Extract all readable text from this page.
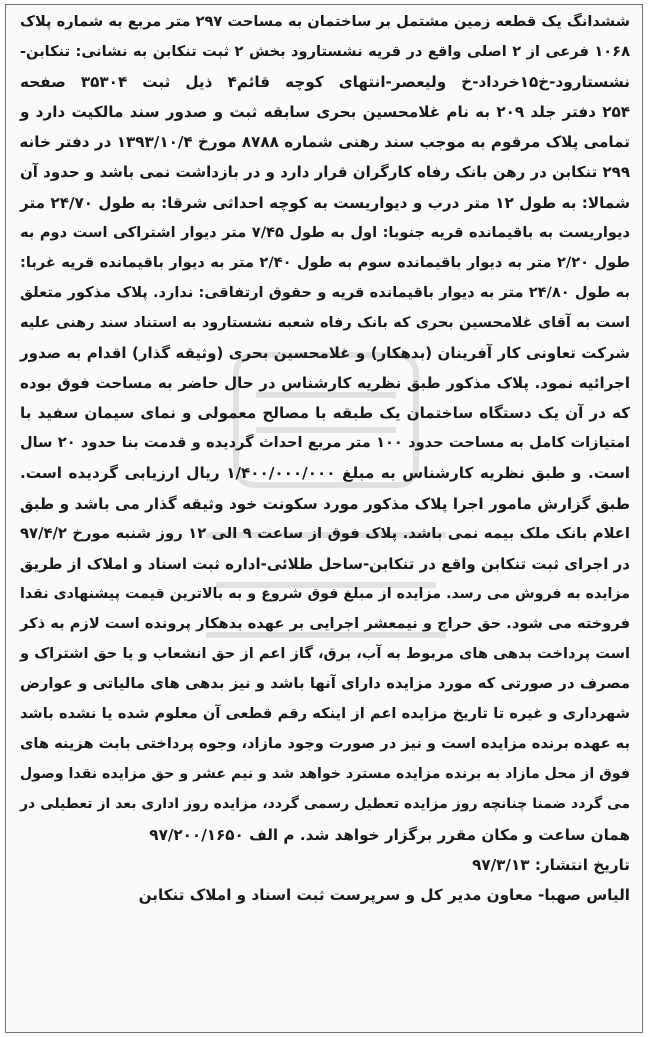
ششدانگ یک قطعه زمین مشتمل بر ساختمان به مساحت ۲۹۷ متر مربع به شماره پلاک
۱۰۶۸ فرعی از ۲ اصلی واقع در قریه نشستارود بخش ۲ ثبت تنکابن به نشانی: تنکابن-
نشستارود-خ۱۵خرداد-خ ولیعصر-انتهای کوچه قائم۴ ذیل ثبت ۳۵۳۰۴ صفحه
۲۵۴ دفتر جلد ۲۰۹ به نام غلامحسین بحری سابقه ثبت و صدور سند مالکیت دارد و
تمامی پلاک مرقوم به موجب سند رهنی شماره ۸۷۸۸ مورخ ۱۳۹۳/۱۰/۴ در دفتر خانه
۲۹۹ تنکابن در رهن بانک رفاه کارگران قرار دارد و در بازداشت نمی باشد و حدود آن
شمالا: به طول ۱۲ متر درب و دیواریست به کوچه احداثی شرقا: به طول ۲۴/۷۰ متر
دیواریست به باقیمانده قریه جنوبا: اول به طول ۷/۴۵ متر دیوار اشتراکی است دوم به
طول ۲/۲۰ متر به دیوار باقیمانده سوم به طول ۲/۴۰ متر به دیوار باقیمانده قریه غربا:
به طول ۲۴/۸۰ متر به دیوار باقیمانده قریه و حقوق ارتفاقی: ندارد. پلاک مذکور متعلق
است به آقای غلامحسین بحری که بانک رفاه شعبه نشستارود به استناد سند رهنی علیه
شرکت تعاونی کار آفرینان (بدهکار) و غلامحسین بحری (وثیقه گذار) اقدام به صدور
اجرائیه نمود. پلاک مذکور طبق نظریه کارشناس در حال حاضر به مساحت فوق بوده
که در آن یک دستگاه ساختمان یک طبقه با مصالح معمولی و نمای سیمان سفید با
امتیازات کامل به مساحت حدود ۱۰۰ متر مربع احداث گردیده و قدمت بنا حدود ۲۰ سال
است. و طبق نظریه کارشناس به مبلغ ۱/۴۰۰/۰۰۰/۰۰۰ ریال ارزیابی گردیده است.
طبق گزارش مامور اجرا پلاک مذکور مورد سکونت خود وثیقه گذار می باشد و طبق
اعلام بانک ملک بیمه نمی باشد. پلاک فوق از ساعت ۹ الی ۱۲ روز شنبه مورخ ۹۷/۴/۲
در اجرای ثبت تنکابن واقع در تنکابن-ساحل طلائی-اداره ثبت اسناد و املاک از طریق
مزایده به فروش می رسد. مزایده از مبلغ فوق شروع و به بالاترین قیمت پیشنهادی نقدا
فروخته می شود. حق حراج و نیمعشر اجرایی بر عهده بدهکار پرونده است لازم به ذکر
است پرداخت بدهی های مربوط به آب، برق، گاز اعم از حق انشعاب و یا حق اشتراک و
مصرف در صورتی که مورد مزایده دارای آنها باشد و نیز بدهی های مالیاتی و عوارض
شهرداری و غیره تا تاریخ مزایده اعم از اینکه رقم قطعی آن معلوم شده یا نشده باشد
به عهده برنده مزایده است و نیز در صورت وجود مازاد، وجوه پرداختی بابت هزینه های
فوق از محل مازاد به برنده مزایده مسترد خواهد شد و نیم عشر و حق مزایده نقدا وصول
می گردد ضمنا چنانچه روز مزایده تعطیل رسمی گردد، مزایده روز اداری بعد از تعطیلی در
همان ساعت و مکان مقرر برگزار خواهد شد. م الف ۹۷/۲۰۰/۱۶۵۰
تاریخ انتشار: ۹۷/۳/۱۳
الیاس صهبا- معاون مدیر کل و سرپرست ثبت اسناد و املاک تنکابن
